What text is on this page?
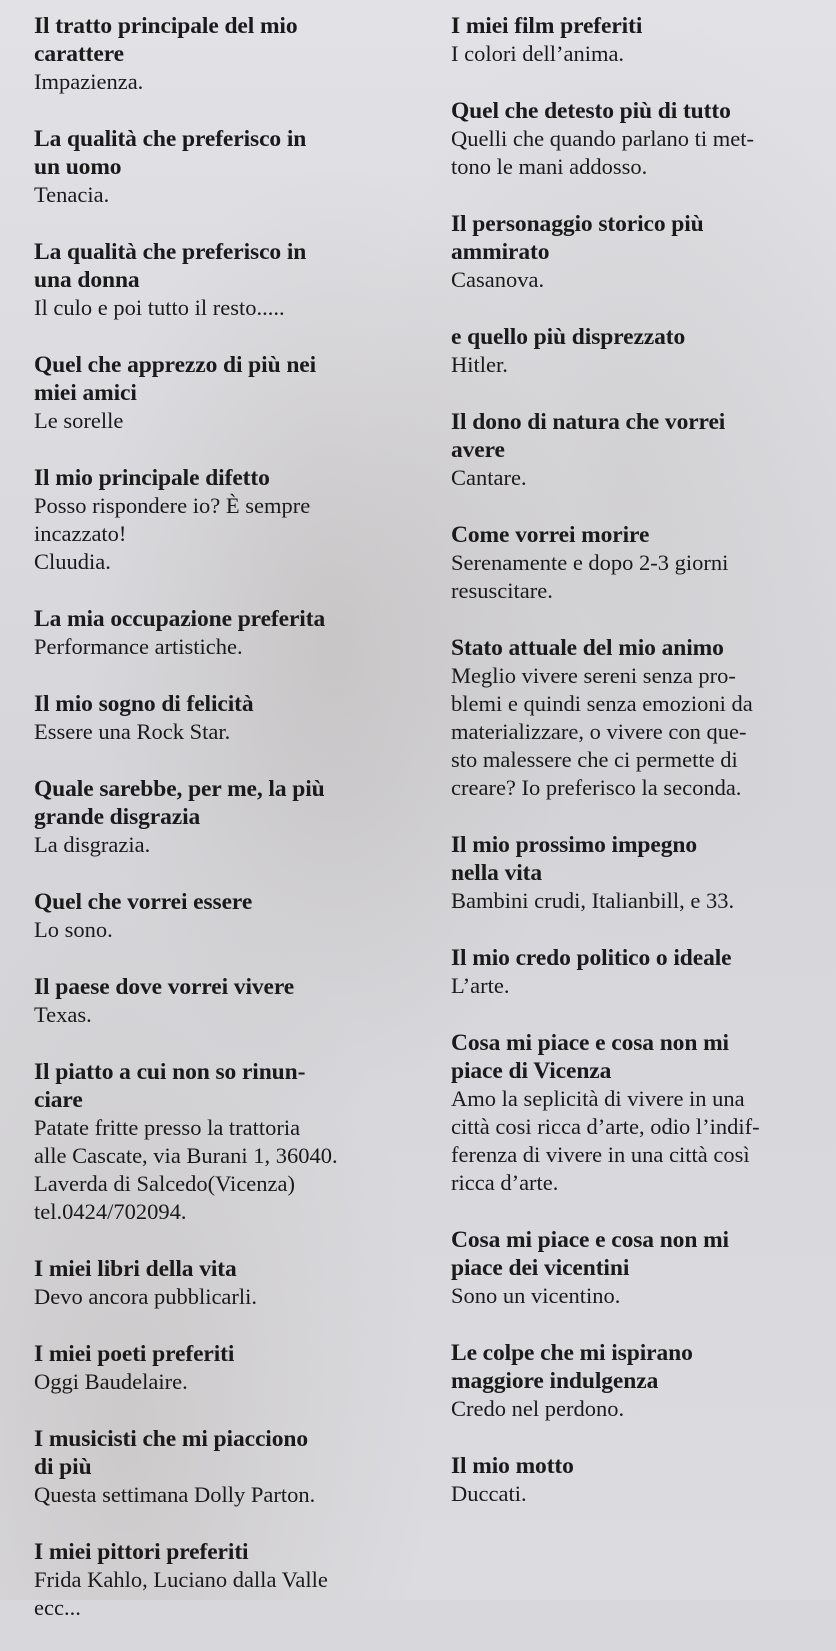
Il tratto principale del mio
carattere
Impazienza.
La qualità che preferisco in
un uomo
Tenacia.
La qualità che preferisco in
una donna
Il culo e poi tutto il resto.....
Quel che apprezzo di più nei
miei amici
Le sorelle
Il mio principale difetto
Posso rispondere io? È sempre
incazzato!
Cluudia.
La mia occupazione preferita
Performance artistiche.
Il mio sogno di felicità
Essere una Rock Star.
Quale sarebbe, per me, la più
grande disgrazia
La disgrazia.
Quel che vorrei essere
Lo sono.
Il paese dove vorrei vivere
Texas.
Il piatto a cui non so rinun-
ciare
Patate fritte presso la trattoria
alle Cascate, via Burani 1, 36040.
Laverda di Salcedo(Vicenza)
tel.0424/702094.
I miei libri della vita
Devo ancora pubblicarli.
I miei poeti preferiti
Oggi Baudelaire.
I musicisti che mi piacciono
di più
Questa settimana Dolly Parton.
I miei pittori preferiti
Frida Kahlo, Luciano dalla Valle
ecc...
I miei film preferiti
I colori dell’anima.
Quel che detesto più di tutto
Quelli che quando parlano ti met-
tono le mani addosso.
Il personaggio storico più
ammirato
Casanova.
e quello più disprezzato
Hitler.
Il dono di natura che vorrei
avere
Cantare.
Come vorrei morire
Serenamente e dopo 2-3 giorni
resuscitare.
Stato attuale del mio animo
Meglio vivere sereni senza pro-
blemi e quindi senza emozioni da
materializzare, o vivere con que-
sto malessere che ci permette di
creare? Io preferisco la seconda.
Il mio prossimo impegno
nella vita
Bambini crudi, Italianbill, e 33.
Il mio credo politico o ideale
L’arte.
Cosa mi piace e cosa non mi
piace di Vicenza
Amo la seplicità di vivere in una
città cosi ricca d’arte, odio l’indif-
ferenza di vivere in una città così
ricca d’arte.
Cosa mi piace e cosa non mi
piace dei vicentini
Sono un vicentino.
Le colpe che mi ispirano
maggiore indulgenza
Credo nel perdono.
Il mio motto
Duccati.
